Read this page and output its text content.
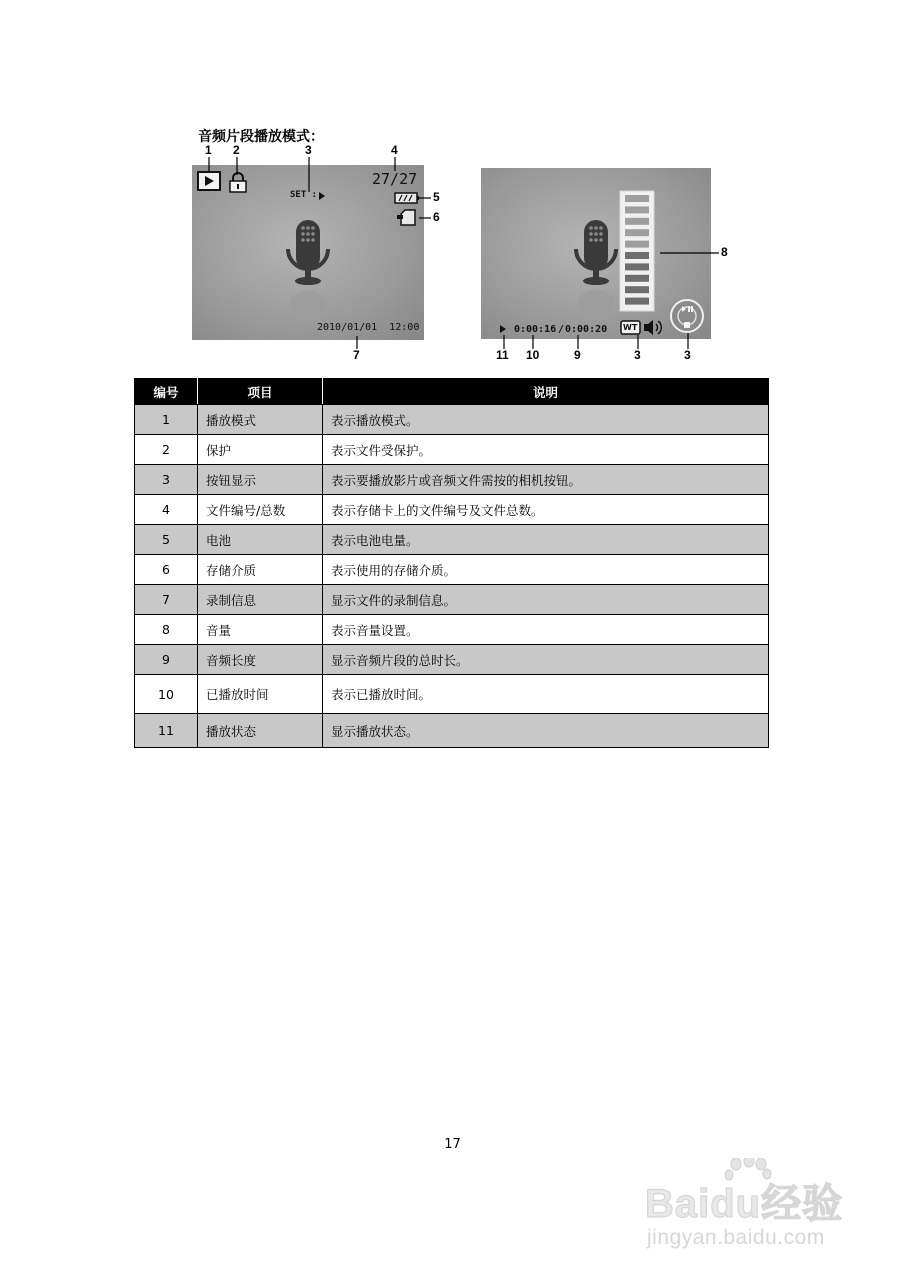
音频片段播放模式：
27/27
SET :
2010/01/01  12:00	0:00:16 / 0:00:20 WT
1 2	3	4
5
6
7
8
11 10	9	3	3
编号	项目	说明
1	播放模式	表示播放模式。
2	保护	表示文件受保护。
3	按钮显示	表示要播放影片或音频文件需按的相机按钮。
4	文件编号/总数	表示存储卡上的文件编号及文件总数。
5	电池	表示电池电量。
6	存储介质	表示使用的存储介质。
7	录制信息	显示文件的录制信息。
8	音量	表示音量设置。
9	音频长度	显示音频片段的总时长。
10	已播放时间	表示已播放时间。
11	播放状态	显示播放状态。
17
Baidu经验
jingyan.baidu.com
